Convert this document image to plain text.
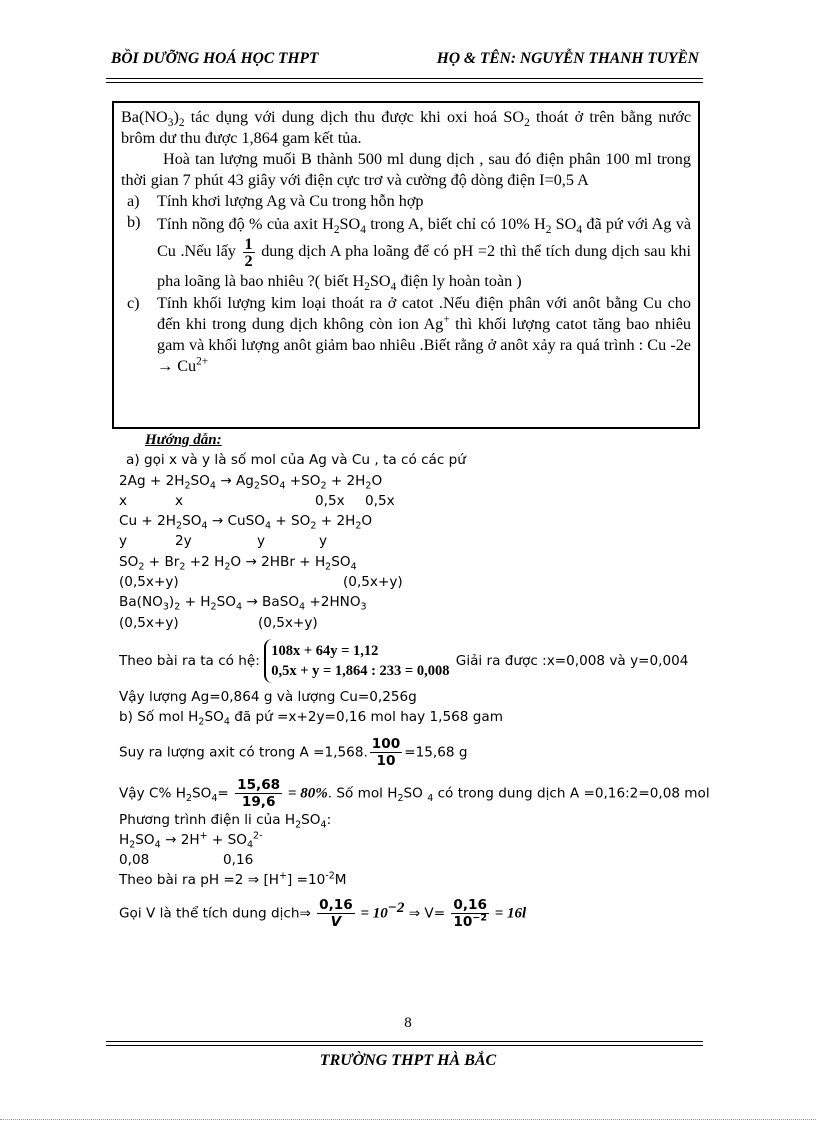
BỒI DƯỠNG HOÁ HỌC THPT	HỌ & TÊN: NGUYỄN THANH TUYỀN

$Ba(NO_3)_2$ tác dụng với dung dịch thu được khi oxi hoá $SO_2$ thoát ở trên bằng nước brôm dư thu được 1,864 gam kết tủa.

Hoà tan lượng muối B thành 500 ml dung dịch , sau đó điện phân 100 ml trong thời gian 7 phút 43 giây với điện cực trơ và cường độ dòng điện I=0,5 A

a)	Tính khơi lượng Ag và Cu trong hỗn hợp
b)	Tính nồng độ % của axit $H_2SO_4$ trong A, biết chỉ có 10% $H_2$ $SO_4$ đã pứ với Ag và Cu .Nếu lấy $\frac{1}{2}$ dung dịch A pha loãng để có pH =2 thì thể tích dung dịch sau khi pha loãng là bao nhiêu ?( biết $H_2SO_4$ điện ly hoàn toàn )
c)	Tính khối lượng kim loại thoát ra ở catot .Nếu điện phân với anôt bằng Cu cho đến khi trong dung dịch không còn ion Ag+ thì khối lượng catot tăng bao nhiêu gam và khối lượng anôt giảm bao nhiêu .Biết rằng ở anôt xảy ra quá trình : Cu $-2e \to Cu^{2+}$
Hướng dẫn:
a) gọi x và y là số mol của Ag và Cu , ta có các pứ
$2Ag + 2H_2SO_4 \to Ag_2SO_4 +SO_2 + 2H_2O$
x	x	0,5x 0,5x
$Cu + 2H_2SO_4$ → CuSO$_4$ + $SO_2 + 2H_2O$
y	2y	y	y
$SO_2 + Br_2 +2$ $H_2O \to 2HBr + H_2SO_4$
(0,5x+y)	(0,5x+y)
$Ba(NO_3)_2 + H_2SO_4$ → BaSO$_4$ $+2HNO_3$
(0,5x+y)	(0,5x+y)
Theo bài ra ta có hệ:
108x + 64y = 1,12
0,5x + y = 1,864 : 233 = 0,008
Giải ra được :x=0,008 và y=0,004
Vậy lượng Ag=0,864 g và lượng Cu=0,256g
b) Số mol $H_2SO_4$ đã pứ =x+2y=0,16 mol hay 1,568 gam
Suy ra lượng axit có trong A =1,568. $\frac{100}{10} =15,68$ g
Vậy C% $H_2SO_4= \frac{15,68}{19,6} = 80\%$. Số mol $H_2SO$ $_4$ có trong dung dịch A =0,16:2=0,08 mol
Phương trình điện li của $H_2SO_4$:
$H_2SO_4 \to 2H^+ + SO_4^{2-}$
0,08	0,16
Theo bài ra pH =2 ⇒ $[H^+] =10^{-2}M$
Gọi V là thể tích dung dịch⇒ $\frac{0,16}{V} = 10^{-2}$ ⇒ $V= \frac{0,16}{10^{-2}} = 16l$
8
TRƯỜNG THPT HÀ BẮC
